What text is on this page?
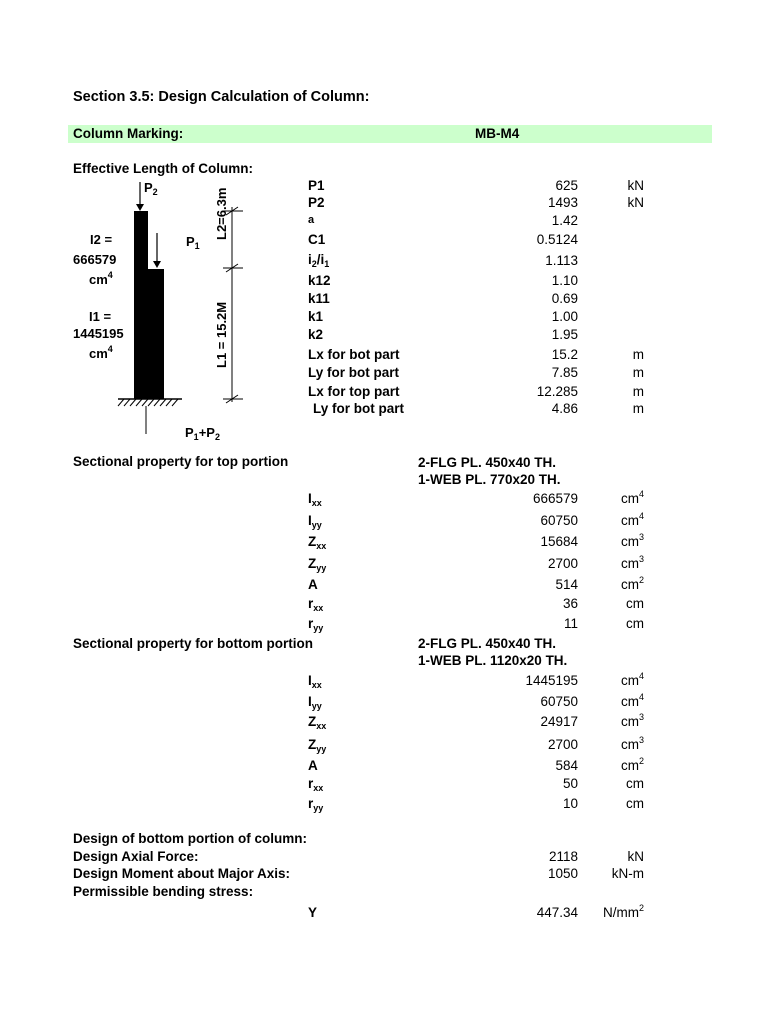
Section 3.5: Design Calculation of Column:
Column Marking:	MB-M4
Effective Length of Column:
$P_2$
$P_1$
I2 =
666579
$cm^4$
I1 =
1445195
$cm^4$
L2=6.3m
L1 = 15.2M
$P_1+P_2$
P1	625	kN
P2	1493	kN
a	1.42
C1	0.5124
$i_2/i_1$	1.113
k12	1.10
k11	0.69
k1	1.00
k2	1.95
Lx for bot part	15.2	m
Ly for bot part	7.85	m
Lx for top part	12.285	m
Ly for bot part	4.86	m
Sectional property for top portion	2-FLG PL. 450x40 TH.
1-WEB PL. 770x20 TH.
$I_{xx}$	666579	$cm^4$
$I_{yy}$	60750	$cm^4$
$Z_{xx}$	15684	$cm^3$
$Z_{yy}$	2700	$cm^3$
A	514	$cm^2$
$r_{xx}$	36	cm
$r_{yy}$	11	cm
Sectional property for bottom portion	2-FLG PL. 450x40 TH.
1-WEB PL. 1120x20 TH.
$I_{xx}$	1445195	$cm^4$
$I_{yy}$	60750	$cm^4$
$Z_{xx}$	24917	$cm^3$
$Z_{yy}$	2700	$cm^3$
A	584	$cm^2$
$r_{xx}$	50	cm
$r_{yy}$	10	cm
Design of bottom portion of column:
Design Axial Force:	2118	kN
Design Moment about Major Axis:	1050	kN-m
Permissible bending stress:
Y	447.34	$N/mm^2$
